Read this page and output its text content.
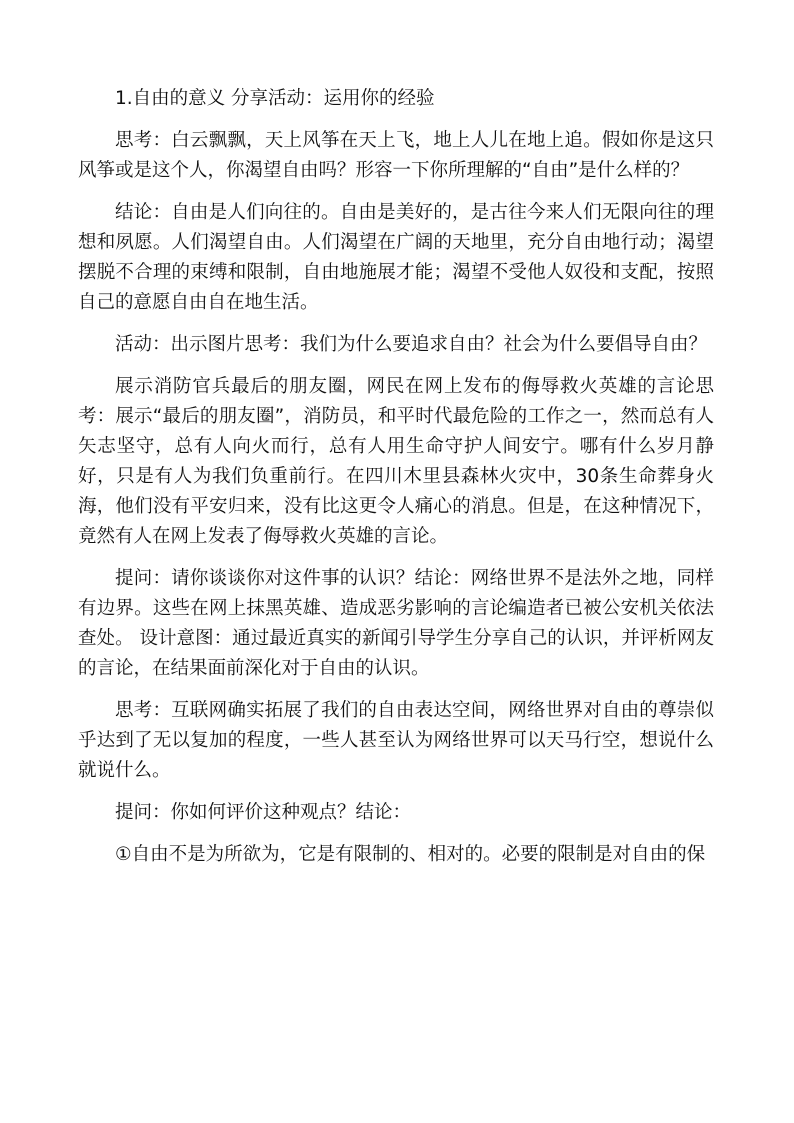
1.自由的意义 分享活动：运用你的经验

思考：白云飘飘，天上风筝在天上飞，地上人儿在地上追。假如你是这只风筝或是这个人，你渴望自由吗？形容一下你所理解的“自由”是什么样的？

结论：自由是人们向往的。自由是美好的，是古往今来人们无限向往的理想和夙愿。人们渴望自由。人们渴望在广阔的天地里，充分自由地行动；渴望摆脱不合理的束缚和限制，自由地施展才能；渴望不受他人奴役和支配，按照自己的意愿自由自在地生活。

活动：出示图片思考：我们为什么要追求自由？社会为什么要倡导自由？

展示消防官兵最后的朋友圈，网民在网上发布的侮辱救火英雄的言论思考：展示“最后的朋友圈”，消防员，和平时代最危险的工作之一，然而总有人矢志坚守，总有人向火而行，总有人用生命守护人间安宁。哪有什么岁月静好，只是有人为我们负重前行。在四川木里县森林火灾中，30条生命葬身火海，他们没有平安归来，没有比这更令人痛心的消息。但是，在这种情况下，竟然有人在网上发表了侮辱救火英雄的言论。

提问：请你谈谈你对这件事的认识？结论：网络世界不是法外之地，同样有边界。这些在网上抹黑英雄、造成恶劣影响的言论编造者已被公安机关依法查处。 设计意图：通过最近真实的新闻引导学生分享自己的认识，并评析网友的言论，在结果面前深化对于自由的认识。

思考：互联网确实拓展了我们的自由表达空间，网络世界对自由的尊崇似乎达到了无以复加的程度，一些人甚至认为网络世界可以天马行空，想说什么就说什么。

提问：你如何评价这种观点？结论：

①自由不是为所欲为，它是有限制的、相对的。必要的限制是对自由的保
